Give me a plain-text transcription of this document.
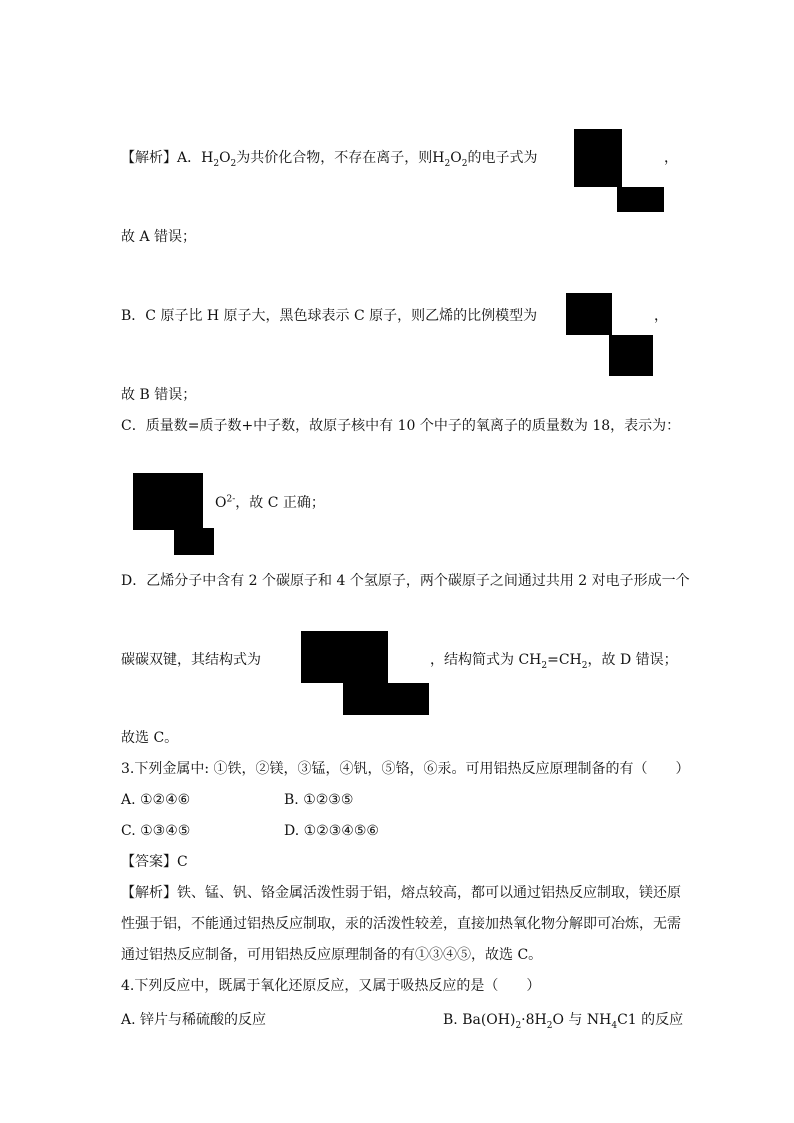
【解析】A．$H_2O_2$为共价化合物，不存在离子，则$H_2O_2$的电子式为	，
故 A 错误；
B．C 原子比 H 原子大，黑色球表示 C 原子，则乙烯的比例模型为	，
故 B 错误；
C．质量数=质子数+中子数，故原子核中有 10 个中子的氧离子的质量数为 18，表示为：
$O^{2-}$，故 C 正确；
D．乙烯分子中含有 2 个碳原子和 4 个氢原子，两个碳原子之间通过共用 2 对电子形成一个
碳碳双键，其结构式为	，结构简式为 $CH_2=CH_2$，故 D 错误；
故选 C。
3.下列金属中: ①铁，②镁，③锰，④钒，⑤铬，⑥汞。可用铝热反应原理制备的有（　　）
A. ①②④⑥	B. ①②③⑤
C. ①③④⑤	D. ①②③④⑤⑥
【答案】C
【解析】铁、锰、钒、铬金属活泼性弱于铝，熔点较高，都可以通过铝热反应制取，镁还原
性强于铝，不能通过铝热反应制取，汞的活泼性较差，直接加热氧化物分解即可冶炼，无需
通过铝热反应制备，可用铝热反应原理制备的有①③④⑤，故选 C。
4.下列反应中，既属于氧化还原反应，又属于吸热反应的是（　　）
A. 锌片与稀硫酸的反应	B. $Ba(OH)_2\cdot 8H_2O$ 与 $NH_4C1$ 的反应
